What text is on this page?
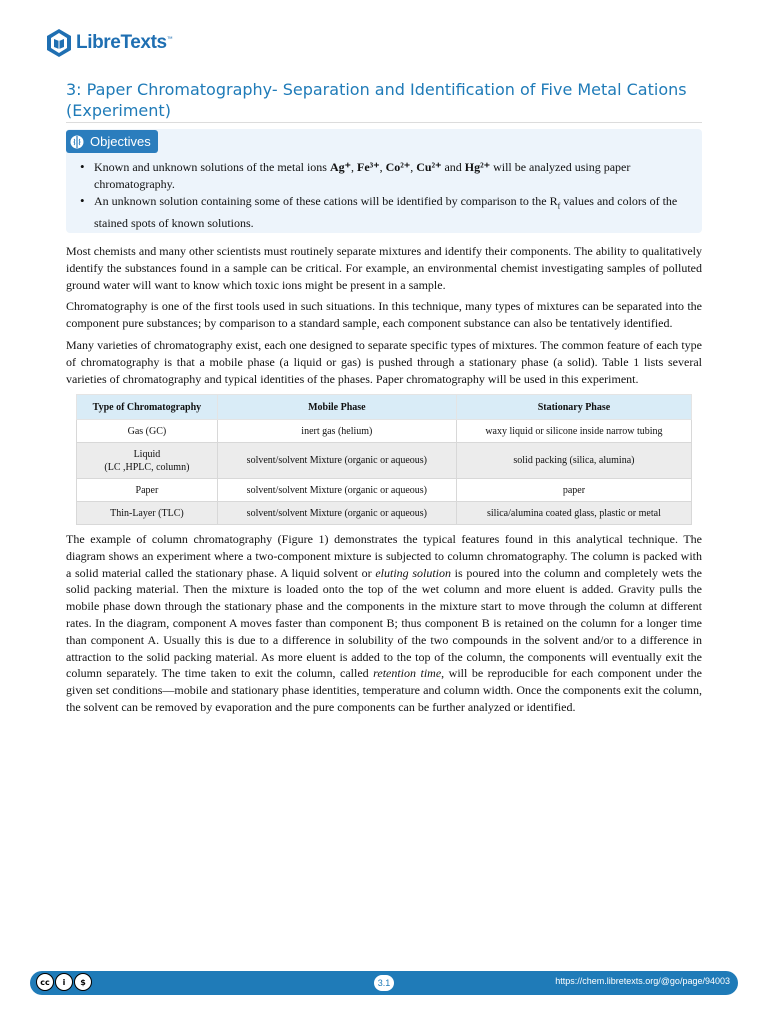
LibreTexts™
3: Paper Chromatography- Separation and Identification of Five Metal Cations (Experiment)
Objectives
• Known and unknown solutions of the metal ions Ag⁺, Fe³⁺, Co²⁺, Cu²⁺ and Hg²⁺ will be analyzed using paper chromatography.
• An unknown solution containing some of these cations will be identified by comparison to the $R_f$ values and colors of the stained spots of known solutions.

Most chemists and many other scientists must routinely separate mixtures and identify their components. The ability to qualitatively identify the substances found in a sample can be critical. For example, an environmental chemist investigating samples of polluted ground water will want to know which toxic ions might be present in a sample.

Chromatography is one of the first tools used in such situations. In this technique, many types of mixtures can be separated into the component pure substances; by comparison to a standard sample, each component substance can also be tentatively identified.

Many varieties of chromatography exist, each one designed to separate specific types of mixtures. The common feature of each type of chromatography is that a mobile phase (a liquid or gas) is pushed through a stationary phase (a solid). Table 1 lists several varieties of chromatography and typical identities of the phases. Paper chromatography will be used in this experiment.

Type of Chromatography	Mobile Phase	Stationary Phase
Gas (GC)	inert gas (helium)	waxy liquid or silicone inside narrow tubing
Liquid
(LC ,HPLC, column)	solvent/solvent Mixture (organic or aqueous)	solid packing (silica, alumina)
Paper	solvent/solvent Mixture (organic or aqueous)	paper
Thin-Layer (TLC)	solvent/solvent Mixture (organic or aqueous)	silica/alumina coated glass, plastic or metal

The example of column chromatography (Figure 1) demonstrates the typical features found in this analytical technique. The diagram shows an experiment where a two-component mixture is subjected to column chromatography. The column is packed with a solid material called the stationary phase. A liquid solvent or eluting solution is poured into the column and completely wets the solid packing material. Then the mixture is loaded onto the top of the wet column and more eluent is added. Gravity pulls the mobile phase down through the stationary phase and the components in the mixture start to move through the column at different rates. In the diagram, component A moves faster than component B; thus component B is retained on the column for a longer time than component A. Usually this is due to a difference in solubility of the two compounds in the solvent and/or to a difference in attraction to the solid packing material. As more eluent is added to the top of the column, the components will eventually exit the column separately. The time taken to exit the column, called retention time, will be reproducible for each component under the given set conditions—mobile and stationary phase identities, temperature and column width. Once the components exit the column, the solvent can be removed by evaporation and the pure components can be further analyzed or identified.

cc	i	$	3.1	https://chem.libretexts.org/@go/page/94003
